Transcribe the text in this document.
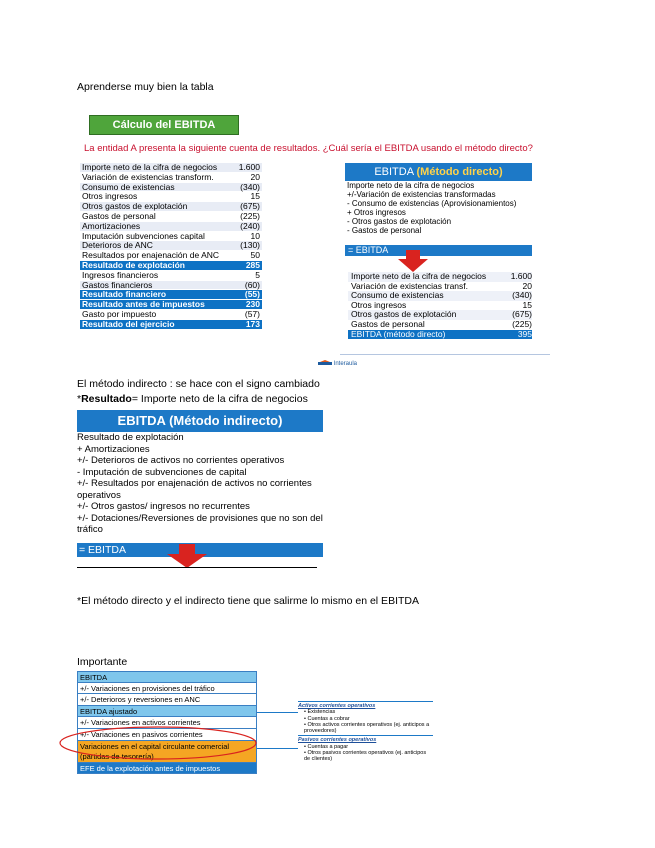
Aprenderse muy bien la tabla
Cálculo del EBITDA
La entidad A presenta la siguiente cuenta de resultados. ¿Cuál sería el EBITDA usando el método directo?
Importe neto de la cifra de negocios	1.600
Variación de existencias transform.	20
Consumo de existencias	(340)
Otros ingresos	15
Otros gastos de explotación	(675)
Gastos de personal	(225)
Amortizaciones	(240)
Imputación subvenciones capital	10
Deterioros de ANC	(130)
Resultados por enajenación de ANC	50
Resultado de explotación	285
Ingresos financieros	5
Gastos financieros	(60)
Resultado financiero	(55)
Resultado antes de impuestos	230
Gasto por impuesto	(57)
Resultado del ejercicio	173
EBITDA (Método directo)
Importe neto de la cifra de negocios
+/-Variación de existencias transformadas
- Consumo de existencias (Aprovisionamientos)
+ Otros ingresos
- Otros gastos de explotación
- Gastos de personal
= EBITDA
Importe neto de la cifra de negocios	1.600
Variación de existencias transf.	20
Consumo de existencias	(340)
Otros ingresos	15
Otros gastos de explotación	(675)
Gastos de personal	(225)
EBITDA (método directo)	395
Interaula
El método indirecto : se hace con el signo cambiado
*Resultado= Importe neto de la cifra de negocios
EBITDA (Método indirecto)
Resultado de explotación
+ Amortizaciones
+/- Deterioros de activos no corrientes operativos
- Imputación de subvenciones de capital
+/- Resultados por enajenación de activos no corrientes operativos
+/- Otros gastos/ ingresos no recurrentes
+/- Dotaciones/Reversiones de provisiones que no son del tráfico
= EBITDA
*El método directo y el indirecto tiene que salirme lo mismo en el EBITDA
Importante
EBITDA
+/- Variaciones en provisiones del tráfico
+/- Deterioros y reversiones en ANC
EBITDA ajustado
+/- Variaciones en activos corrientes
+/- Variaciones en pasivos corrientes
Variaciones en el capital circulante comercial (partidas de tesorería)
EFE de la explotación antes de impuestos
Activos corrientes operativos
• Existencias
• Cuentas a cobrar
• Otros activos corrientes operativos (ej. anticipos a proveedores)
Pasivos corrientes operativos
• Cuentas a pagar
• Otros pasivos corrientes operativos (ej. anticipos de clientes)
